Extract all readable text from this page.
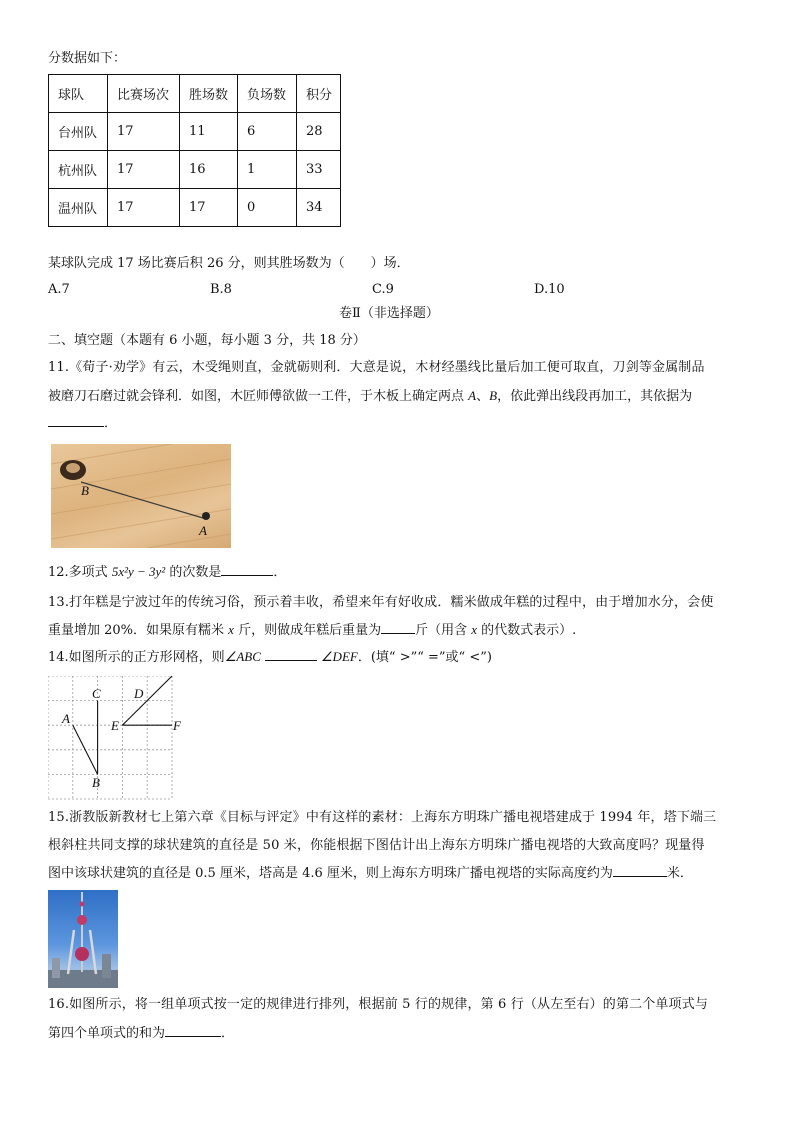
分数据如下：
球队	比赛场次	胜场数	负场数	积分
台州队	17	11	6	28
杭州队	17	16	1	33
温州队	17	17	0	34
某球队完成 17 场比赛后积 26 分，则其胜场数为（　　）场．
A.7	B.8	C.9	D.10
卷Ⅱ（非选择题）
二、填空题（本题有 6 小题，每小题 3 分，共 18 分）
11.《荀子·劝学》有云，木受绳则直，金就砺则利．大意是说，木材经墨线比量后加工便可取直，刀剑等金属制品
被磨刀石磨过就会锋利．如图，木匠师傅欲做一工件，于木板上确定两点 A、B，依此弹出线段再加工，其依据为
．
B
A
12.多项式 5x²y − 3y² 的次数是	．
13.打年糕是宁波过年的传统习俗，预示着丰收，希望来年有好收成．糯米做成年糕的过程中，由于增加水分，会使
重量增加 20%．如果原有糯米 x 斤，则做成年糕后重量为	斤（用含 x 的代数式表示）.
14.如图所示的正方形网格，则∠ABC	∠DEF．(填“ >”“ =”或“ <”)
A
B
C	D
E	F
15.浙教版新教材七上第六章《目标与评定》中有这样的素材：上海东方明珠广播电视塔建成于 1994 年，塔下端三
根斜柱共同支撑的球状建筑的直径是 50 米，你能根据下图估计出上海东方明珠广播电视塔的大致高度吗？现量得
图中该球状建筑的直径是 0.5 厘米，塔高是 4.6 厘米，则上海东方明珠广播电视塔的实际高度约为	米．
16.如图所示，将一组单项式按一定的规律进行排列，根据前 5 行的规律，第 6 行（从左至右）的第二个单项式与
第四个单项式的和为	．
